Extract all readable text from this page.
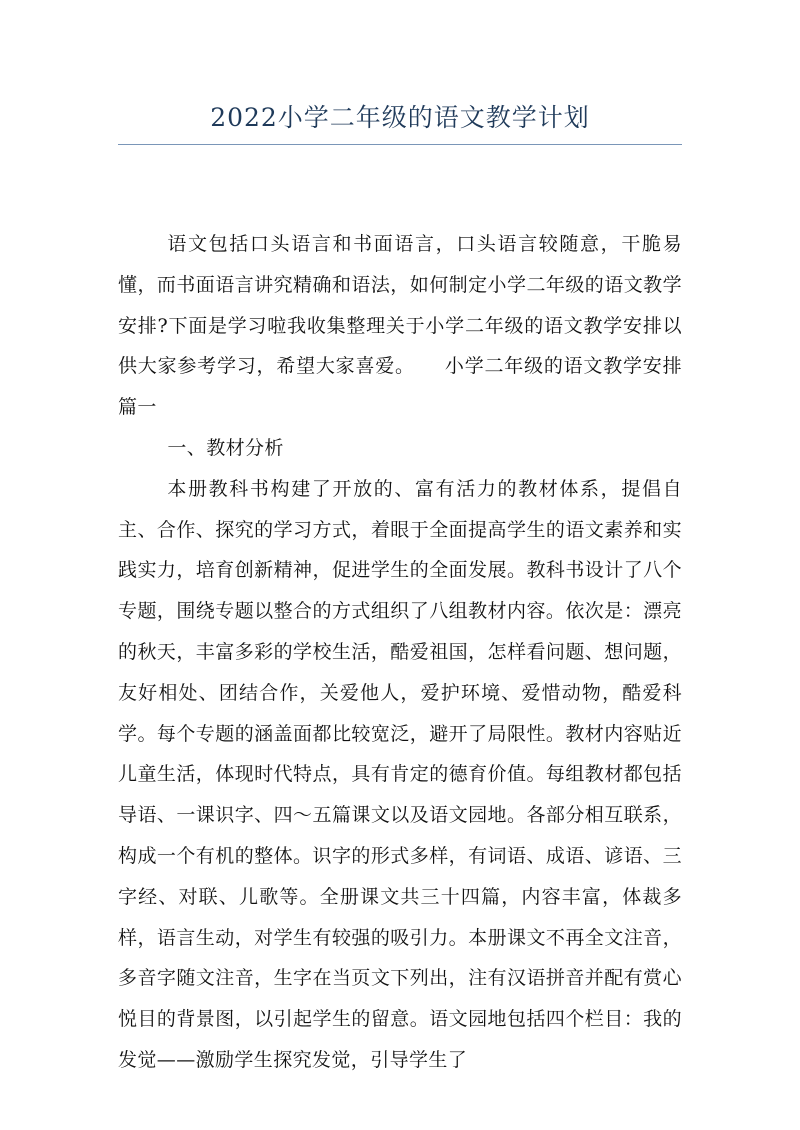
2022小学二年级的语文教学计划

语文包括口头语言和书面语言，口头语言较随意，干脆易懂，而书面语言讲究精确和语法，如何制定小学二年级的语文教学安排?下面是学习啦我收集整理关于小学二年级的语文教学安排以供大家参考学习，希望大家喜爱。　　小学二年级的语文教学安排篇一

一、教材分析

本册教科书构建了开放的、富有活力的教材体系，提倡自主、合作、探究的学习方式，着眼于全面提高学生的语文素养和实践实力，培育创新精神，促进学生的全面发展。教科书设计了八个专题，围绕专题以整合的方式组织了八组教材内容。依次是：漂亮的秋天，丰富多彩的学校生活，酷爱祖国，怎样看问题、想问题，友好相处、团结合作，关爱他人，爱护环境、爱惜动物，酷爱科学。每个专题的涵盖面都比较宽泛，避开了局限性。教材内容贴近儿童生活，体现时代特点，具有肯定的德育价值。每组教材都包括导语、一课识字、四～五篇课文以及语文园地。各部分相互联系，构成一个有机的整体。识字的形式多样，有词语、成语、谚语、三字经、对联、儿歌等。全册课文共三十四篇，内容丰富，体裁多样，语言生动，对学生有较强的吸引力。本册课文不再全文注音，多音字随文注音，生字在当页文下列出，注有汉语拼音并配有赏心悦目的背景图，以引起学生的留意。语文园地包括四个栏目：我的发觉——激励学生探究发觉，引导学生了
